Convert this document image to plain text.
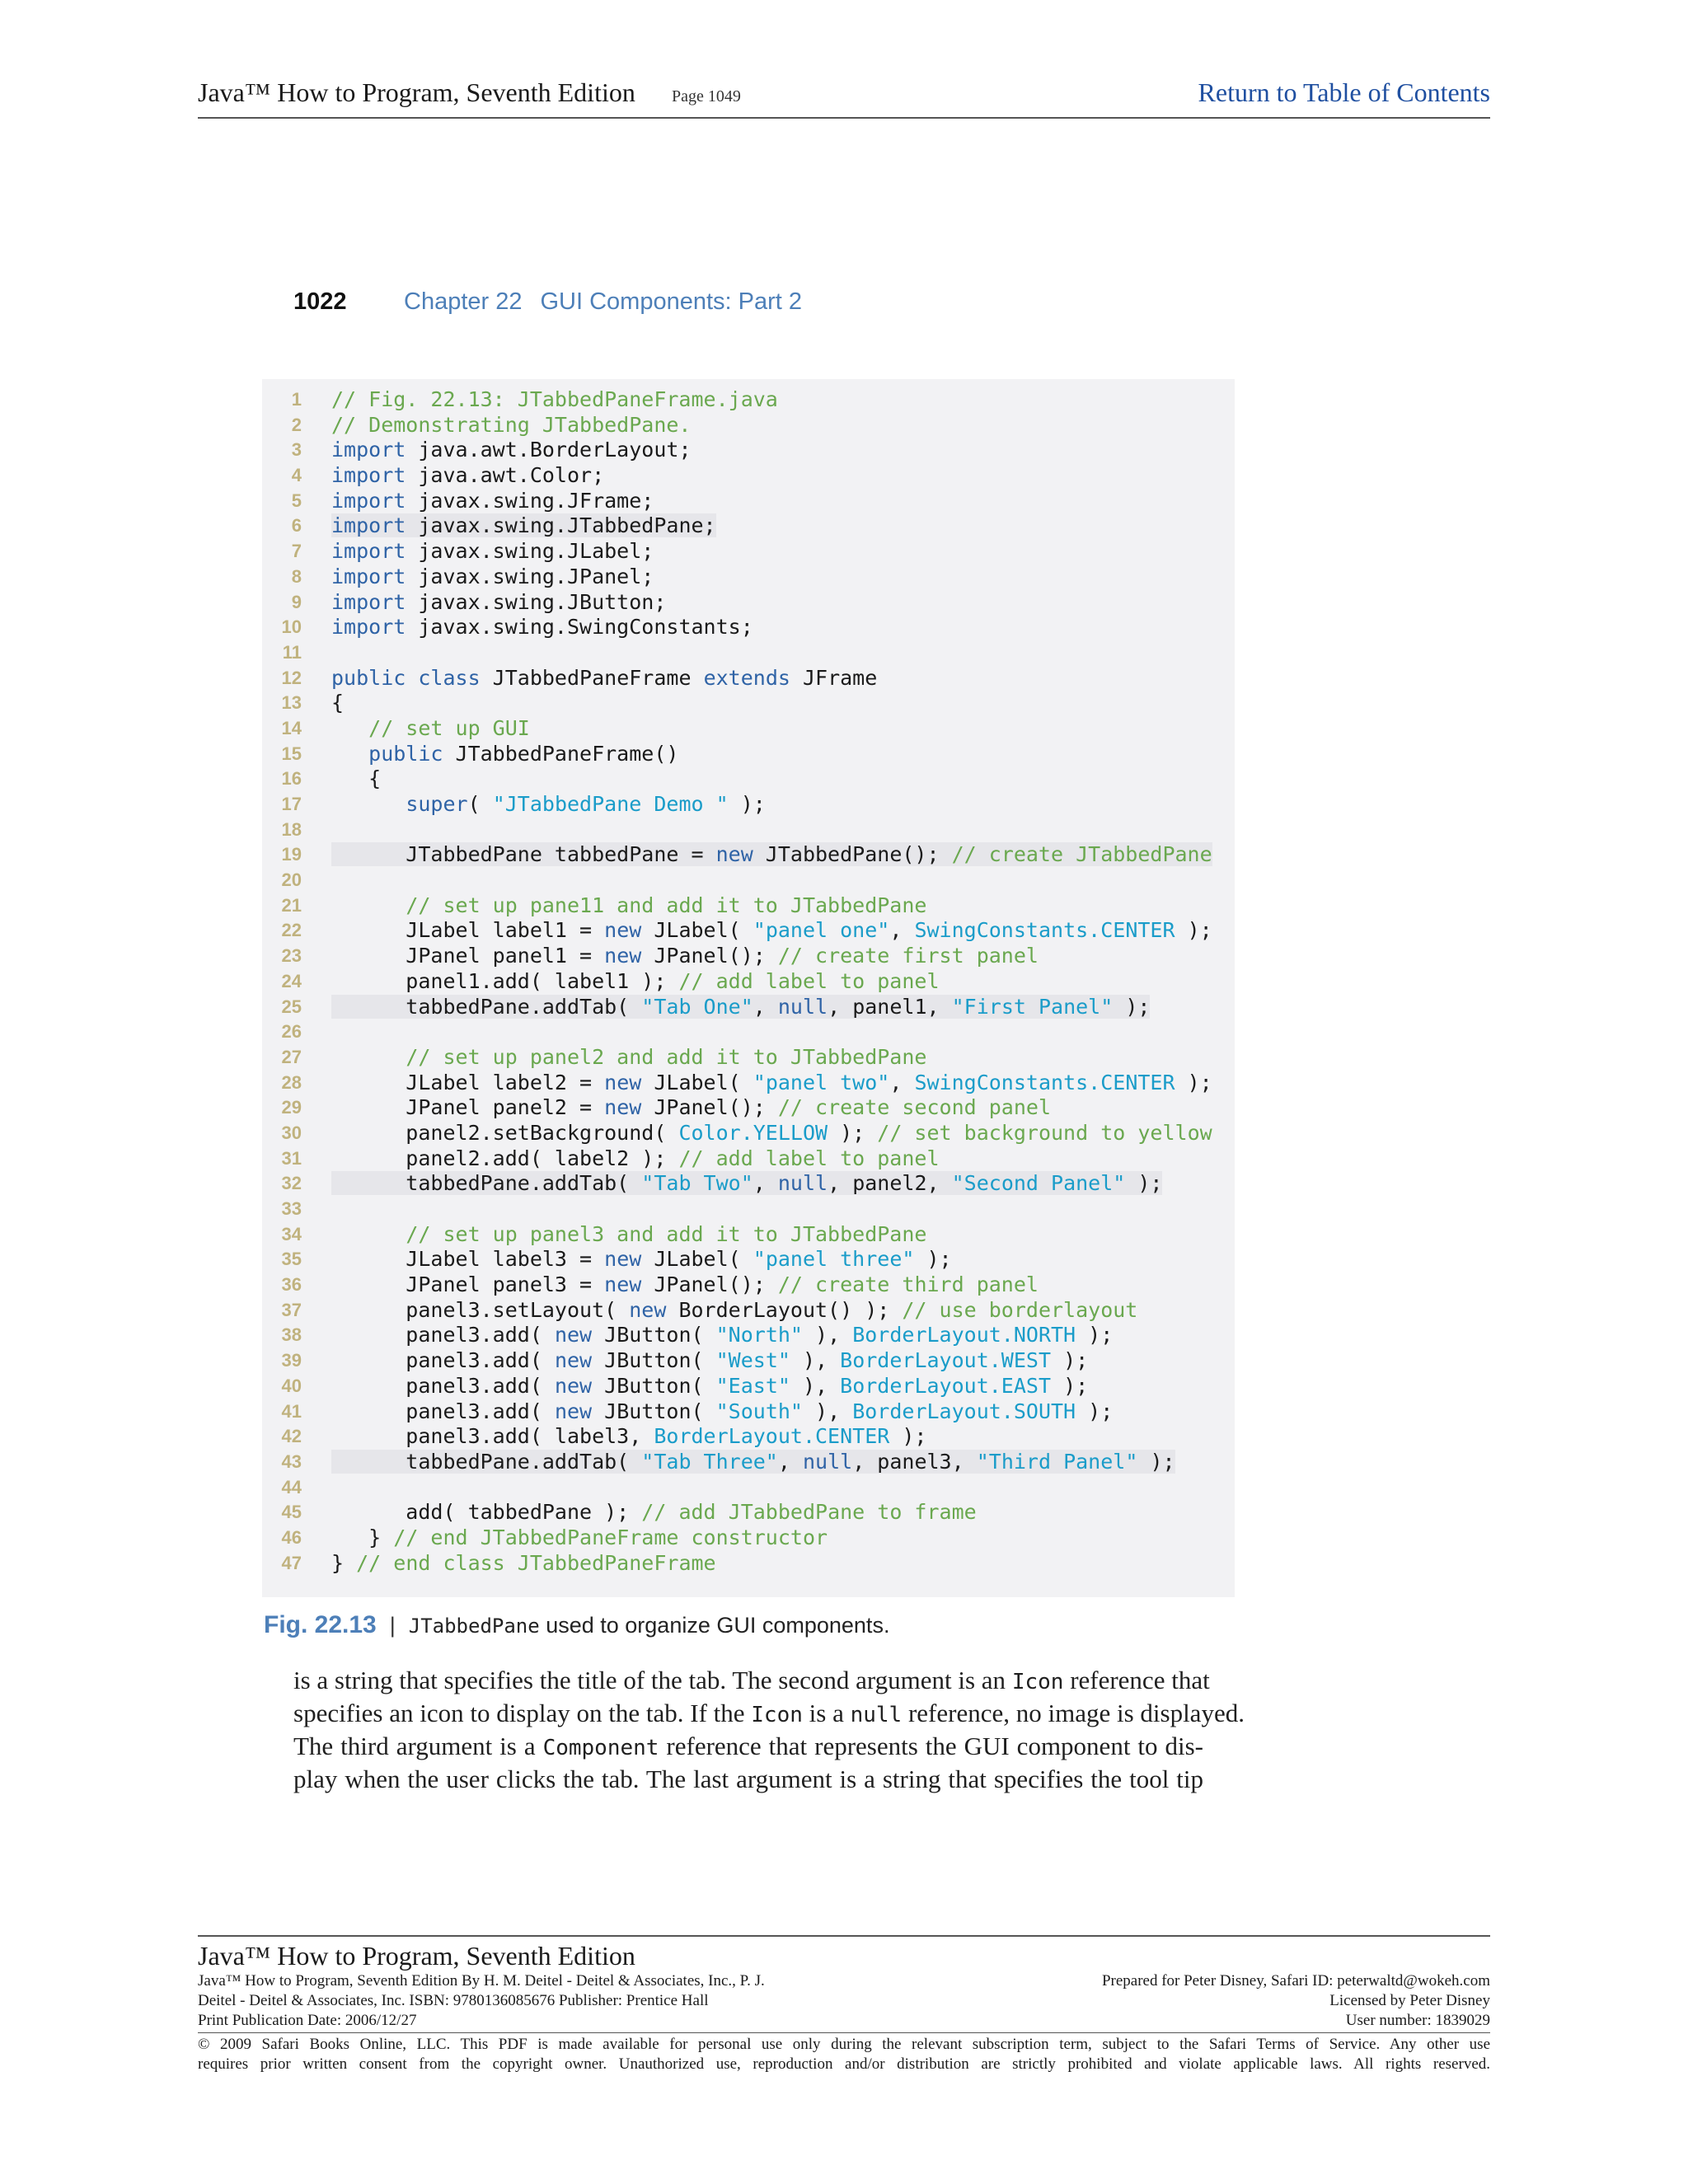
Java™ How to Program, Seventh Edition Page 1049	Return to Table of Contents
1022 Chapter 22 GUI Components: Part 2
1 // Fig. 22.13: JTabbedPaneFrame.java
2 // Demonstrating JTabbedPane.
3 import java.awt.BorderLayout;
4 import java.awt.Color;
5 import javax.swing.JFrame;
6 import javax.swing.JTabbedPane;
7 import javax.swing.JLabel;
8 import javax.swing.JPanel;
9 import javax.swing.JButton;
10 import javax.swing.SwingConstants;
11
12 public class JTabbedPaneFrame extends JFrame
13 {
14	// set up GUI
15	public JTabbedPaneFrame()
16 {
17	super( "JTabbedPane Demo " );
18
19 JTabbedPane tabbedPane = new JTabbedPane(); // create JTabbedPane
20
21	// set up pane11 and add it to JTabbedPane
22 JLabel label1 = new JLabel( "panel one", SwingConstants.CENTER );
23 JPanel panel1 = new JPanel(); // create first panel
24 panel1.add( label1 ); // add label to panel
25 tabbedPane.addTab( "Tab One", null, panel1, "First Panel" );
26
27	// set up panel2 and add it to JTabbedPane
28 JLabel label2 = new JLabel( "panel two", SwingConstants.CENTER );
29 JPanel panel2 = new JPanel(); // create second panel
30 panel2.setBackground( Color.YELLOW ); // set background to yellow
31 panel2.add( label2 ); // add label to panel
32 tabbedPane.addTab( "Tab Two", null, panel2, "Second Panel" );
33
34	// set up panel3 and add it to JTabbedPane
35 JLabel label3 = new JLabel( "panel three" );
36 JPanel panel3 = new JPanel(); // create third panel
37 panel3.setLayout( new BorderLayout() ); // use borderlayout
38 panel3.add( new JButton( "North" ), BorderLayout.NORTH );
39 panel3.add( new JButton( "West" ), BorderLayout.WEST );
40 panel3.add( new JButton( "East" ), BorderLayout.EAST );
41 panel3.add( new JButton( "South" ), BorderLayout.SOUTH );
42 panel3.add( label3, BorderLayout.CENTER );
43 tabbedPane.addTab( "Tab Three", null, panel3, "Third Panel" );
44
45 add( tabbedPane ); // add JTabbedPane to frame
46 } // end JTabbedPaneFrame constructor
47 } // end class JTabbedPaneFrame
Fig. 22.13 | JTabbedPane used to organize GUI components.
is a string that specifies the title of the tab. The second argument is an Icon reference that
specifies an icon to display on the tab. If the Icon is a null reference, no image is displayed.
The third argument is a Component reference that represents the GUI component to dis-
play when the user clicks the tab. The last argument is a string that specifies the tool tip
Java™ How to Program, Seventh Edition
Java™ How to Program, Seventh Edition By H. M. Deitel - Deitel & Associates, Inc., P. J.	Prepared for Peter Disney, Safari ID: peterwaltd@wokeh.com
Deitel - Deitel & Associates, Inc. ISBN: 9780136085676 Publisher: Prentice Hall	Licensed by Peter Disney
Print Publication Date: 2006/12/27	User number: 1839029
© 2009 Safari Books Online, LLC. This PDF is made available for personal use only during the relevant subscription term, subject to the Safari Terms of Service. Any other use
requires prior written consent from the copyright owner. Unauthorized use, reproduction and/or distribution are strictly prohibited and violate applicable laws. All rights reserved.
